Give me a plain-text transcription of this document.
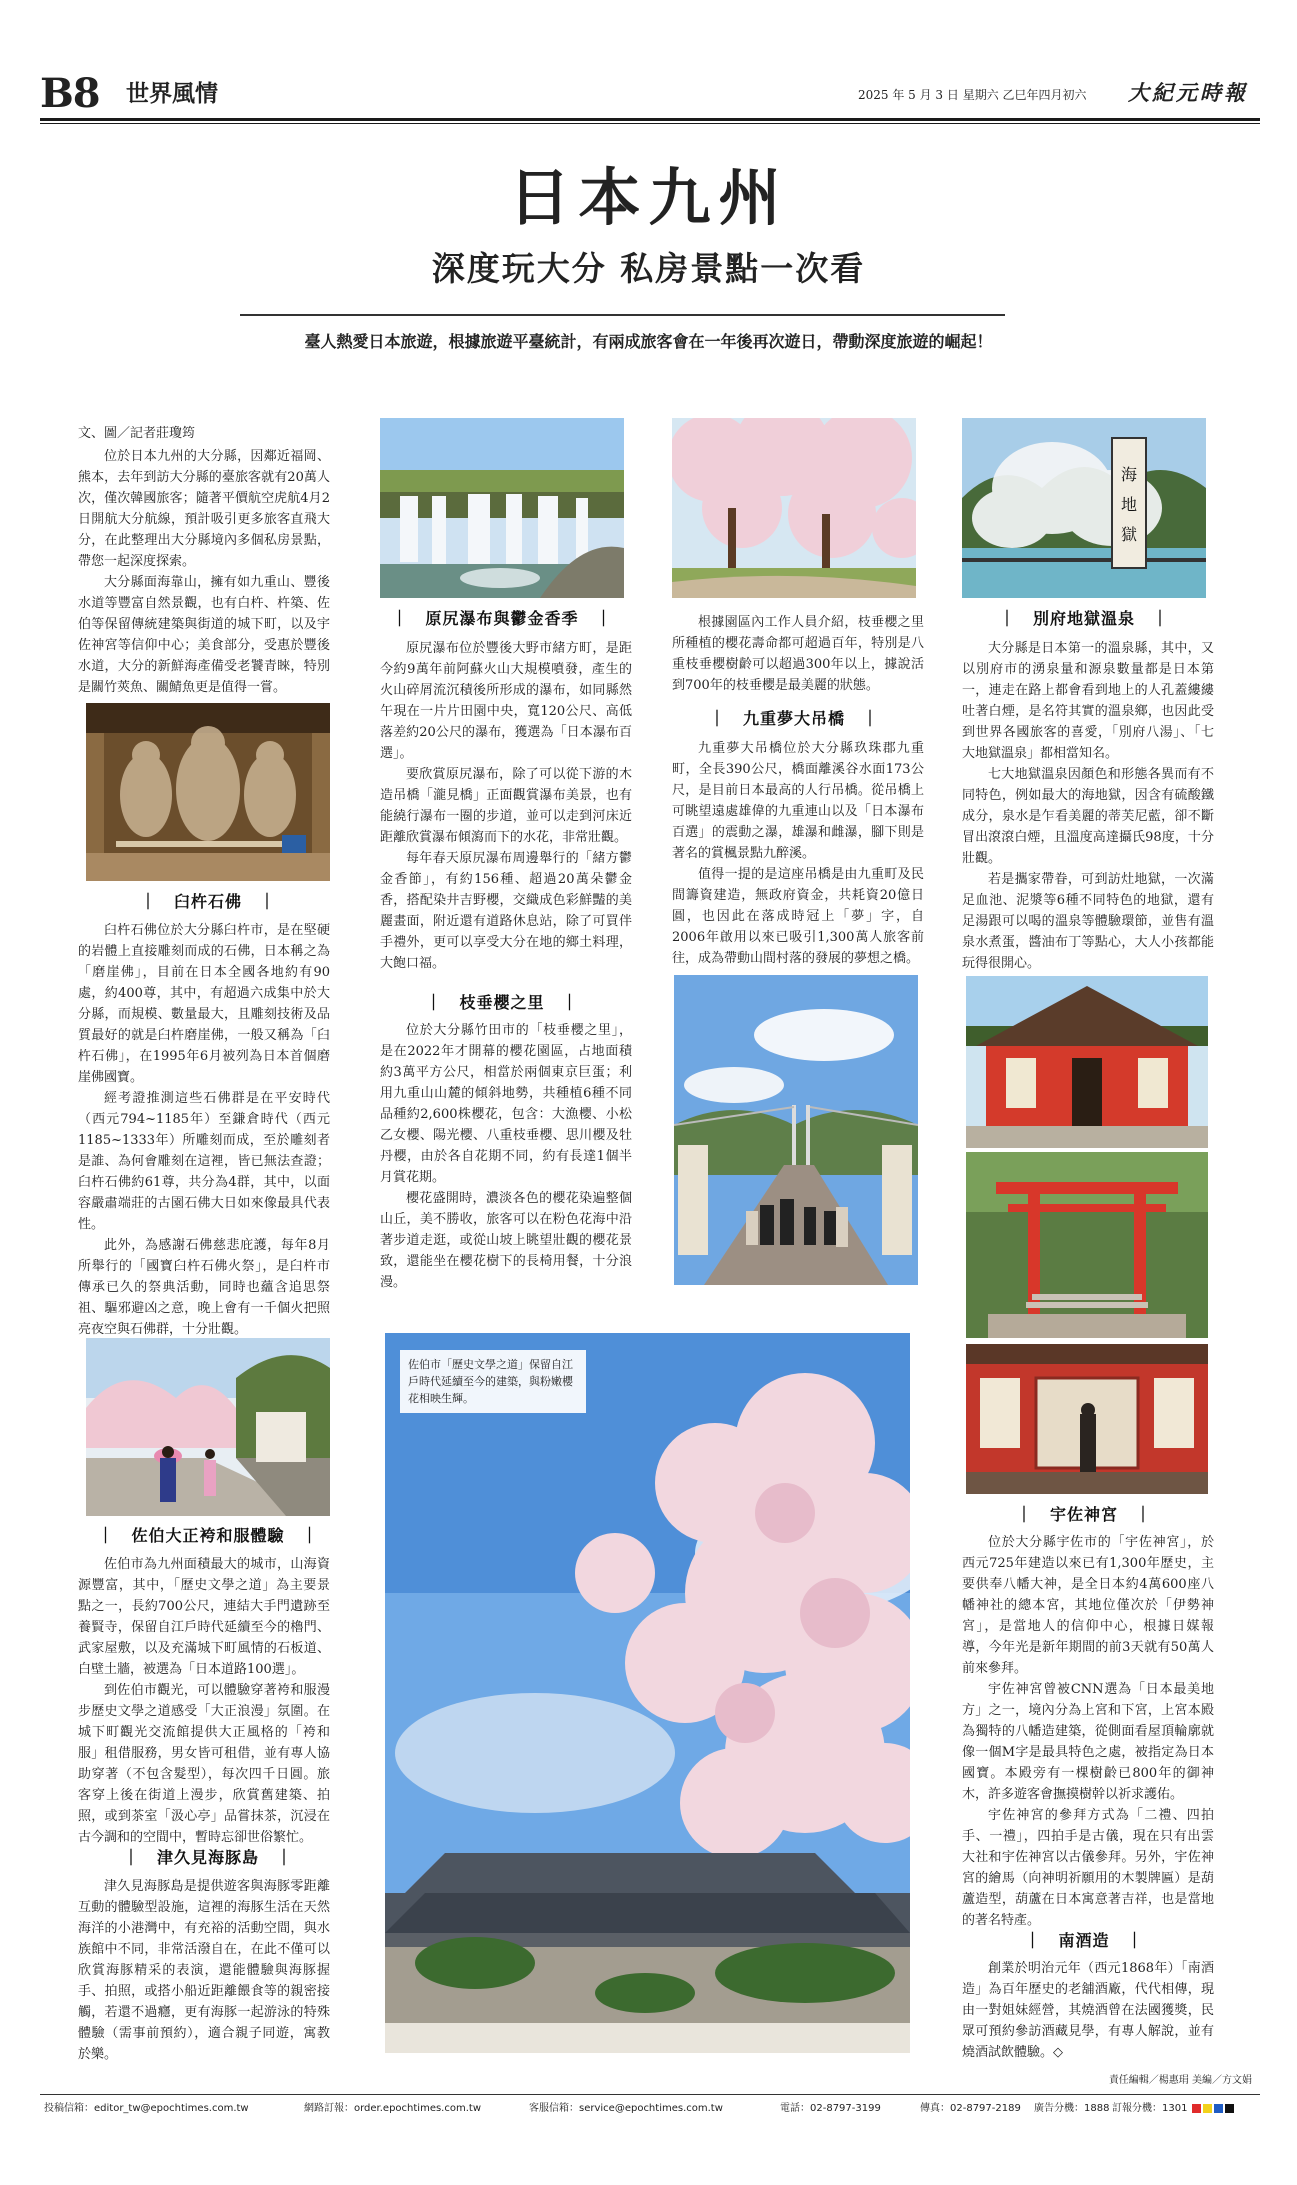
B8 世界風情	2025 年 5 月 3 日 星期六 乙巳年四月初六 大紀元時報
日本九州
深度玩大分 私房景點一次看
臺人熱愛日本旅遊，根據旅遊平臺統計，有兩成旅客會在一年後再次遊日，帶動深度旅遊的崛起！
文、圖／記者莊瓊筠

位於日本九州的大分縣，因鄰近福岡、熊本，去年到訪大分縣的臺旅客就有20萬人次，僅次韓國旅客；隨著平價航空虎航4月2日開航大分航線，預計吸引更多旅客直飛大分，在此整理出大分縣境內多個私房景點，帶您一起深度探索。

大分縣面海靠山，擁有如九重山、豐後水道等豐富自然景觀，也有白杵、杵築、佐伯等保留傳統建築與街道的城下町，以及宇佐神宮等信仰中心；美食部分，受惠於豐後水道，大分的新鮮海產備受老饕青睞，特別是關竹莢魚、關鯖魚更是值得一嘗。

｜　臼杵石佛　｜

臼杵石佛位於大分縣臼杵市，是在堅硬的岩體上直接雕刻而成的石佛，日本稱之為「磨崖佛」，目前在日本全國各地約有90處，約400尊，其中，有超過六成集中於大分縣，而規模、數量最大，且雕刻技術及品質最好的就是臼杵磨崖佛，一般又稱為「臼杵石佛」，在1995年6月被列為日本首個磨崖佛國寶。

經考證推測這些石佛群是在平安時代（西元794~1185年）至鎌倉時代（西元1185~1333年）所雕刻而成，至於雕刻者是誰、為何會雕刻在這裡，皆已無法查證；臼杵石佛約61尊，共分為4群，其中，以面容嚴肅端莊的古園石佛大日如來像最具代表性。

此外，為感謝石佛慈悲庇護，每年8月所舉行的「國寶臼杵石佛火祭」，是臼杵市傳承已久的祭典活動，同時也蘊含追思祭祖、驅邪避凶之意，晚上會有一千個火把照亮夜空與石佛群，十分壯觀。

｜　佐伯大正袴和服體驗　｜

佐伯市為九州面積最大的城市，山海資源豐富，其中，「歷史文學之道」為主要景點之一，長約700公尺，連結大手門遺跡至養賢寺，保留自江戶時代延續至今的櫓門、武家屋敷，以及充滿城下町風情的石板道、白壁土牆，被選為「日本道路100選」。

到佐伯市觀光，可以體驗穿著袴和服漫步歷史文學之道感受「大正浪漫」氛圍。在城下町觀光交流館提供大正風格的「袴和服」租借服務，男女皆可租借，並有專人協助穿著（不包含髮型），每次四千日圓。旅客穿上後在街道上漫步，欣賞舊建築、拍照，或到茶室「汲心亭」品嘗抹茶，沉浸在古今調和的空間中，暫時忘卻世俗繁忙。

｜　津久見海豚島　｜

津久見海豚島是提供遊客與海豚零距離互動的體驗型設施，這裡的海豚生活在天然海洋的小港灣中，有充裕的活動空間，與水族館中不同，非常活潑自在，在此不僅可以欣賞海豚精采的表演，還能體驗與海豚握手、拍照，或搭小船近距離餵食等的親密接觸，若還不過癮，更有海豚一起游泳的特殊體驗（需事前預約），適合親子同遊，寓教於樂。

｜　原尻瀑布與鬱金香季　｜

原尻瀑布位於豐後大野市緒方町，是距今約9萬年前阿蘇火山大規模噴發，產生的火山碎屑流沉積後所形成的瀑布，如同縣然午現在一片片田園中央，寬120公尺、高低落差約20公尺的瀑布，獲選為「日本瀑布百選」。

要欣賞原尻瀑布，除了可以從下游的木造吊橋「瀧見橋」正面觀賞瀑布美景，也有能繞行瀑布一圈的步道，並可以走到河床近距離欣賞瀑布傾瀉而下的水花，非常壯觀。

每年春天原尻瀑布周邊舉行的「緒方鬱金香節」，有約156種、超過20萬朵鬱金香，搭配染井吉野櫻，交織成色彩鮮豔的美麗畫面，附近還有道路休息站，除了可買伴手禮外，更可以享受大分在地的鄉土料理，大飽口福。

｜　枝垂櫻之里　｜

位於大分縣竹田市的「枝垂櫻之里」，是在2022年才開幕的櫻花園區，占地面積約3萬平方公尺，相當於兩個東京巨蛋；利用九重山山麓的傾斜地勢，共種植6種不同品種約2,600株櫻花，包含：大漁櫻、小松乙女櫻、陽光櫻、八重枝垂櫻、思川櫻及牡丹櫻，由於各自花期不同，約有長達1個半月賞花期。

櫻花盛開時，濃淡各色的櫻花染遍整個山丘，美不勝收，旅客可以在粉色花海中沿著步道走逛，或從山坡上眺望壯觀的櫻花景致，還能坐在櫻花樹下的長椅用餐，十分浪漫。

佐伯市「歷史文學之道」保留自江戶時代延續至今的建築，與粉嫩櫻花相映生輝。

根據園區內工作人員介紹，枝垂櫻之里所種植的櫻花壽命都可超過百年，特別是八重枝垂櫻樹齡可以超過300年以上，據說活到700年的枝垂櫻是最美麗的狀態。

｜　九重夢大吊橋　｜

九重夢大吊橋位於大分縣玖珠郡九重町，全長390公尺，橋面離溪谷水面173公尺，是目前日本最高的人行吊橋。從吊橋上可眺望遠處雄偉的九重連山以及「日本瀑布百選」的震動之瀑，雄瀑和雌瀑，腳下則是著名的賞楓景點九醉溪。

值得一提的是這座吊橋是由九重町及民間籌資建造，無政府資金，共耗資20億日圓，也因此在落成時冠上「夢」字，自2006年啟用以來已吸引1,300萬人旅客前往，成為帶動山間村落的發展的夢想之橋。

海
地
獄
｜　別府地獄溫泉　｜

大分縣是日本第一的溫泉縣，其中，又以別府市的湧泉量和源泉數量都是日本第一，連走在路上都會看到地上的人孔蓋縷縷吐著白煙，是名符其實的溫泉鄉，也因此受到世界各國旅客的喜愛，「別府八湯」、「七大地獄溫泉」都相當知名。

七大地獄溫泉因顏色和形態各異而有不同特色，例如最大的海地獄，因含有硫酸鐵成分，泉水是乍看美麗的蒂芙尼藍，卻不斷冒出滾滾白煙，且溫度高達攝氏98度，十分壯觀。

若是攜家帶眷，可到訪灶地獄，一次滿足血池、泥漿等6種不同特色的地獄，還有足湯跟可以喝的溫泉等體驗環節，並售有溫泉水煮蛋，醬油布丁等點心，大人小孩都能玩得很開心。

｜　宇佐神宮　｜

位於大分縣宇佐市的「宇佐神宮」，於西元725年建造以來已有1,300年歷史，主要供奉八幡大神，是全日本約4萬600座八幡神社的總本宮，其地位僅次於「伊勢神宮」，是當地人的信仰中心，根據日媒報導，今年光是新年期間的前3天就有50萬人前來參拜。

宇佐神宮曾被CNN選為「日本最美地方」之一，境內分為上宮和下宮，上宮本殿為獨特的八幡造建築，從側面看屋頂輪廓就像一個M字是最具特色之處，被指定為日本國寶。本殿旁有一棵樹齡已800年的御神木，許多遊客會撫摸樹幹以祈求護佑。

宇佐神宮的參拜方式為「二禮、四拍手、一禮」，四拍手是古儀，現在只有出雲大社和宇佐神宮以古儀參拜。另外，宇佐神宮的繪馬（向神明祈願用的木製牌匾）是葫蘆造型，葫蘆在日本寓意著吉祥，也是當地的著名特產。

｜　南酒造　｜

創業於明治元年（西元1868年）「南酒造」為百年歷史的老舖酒廠，代代相傳，現由一對姐妹經營，其燒酒曾在法國獲獎，民眾可預約參訪酒藏見學，有專人解說，並有燒酒試飲體驗。◇

責任編輯／楊惠琄 美編／方文娟
投稿信箱：editor_tw@epochtimes.com.tw	網路訂報：order.epochtimes.com.tw	客服信箱：service@epochtimes.com.tw	電話：02-8797-3199	傳真：02-8797-2189 廣告分機：1888 訂報分機：1301
